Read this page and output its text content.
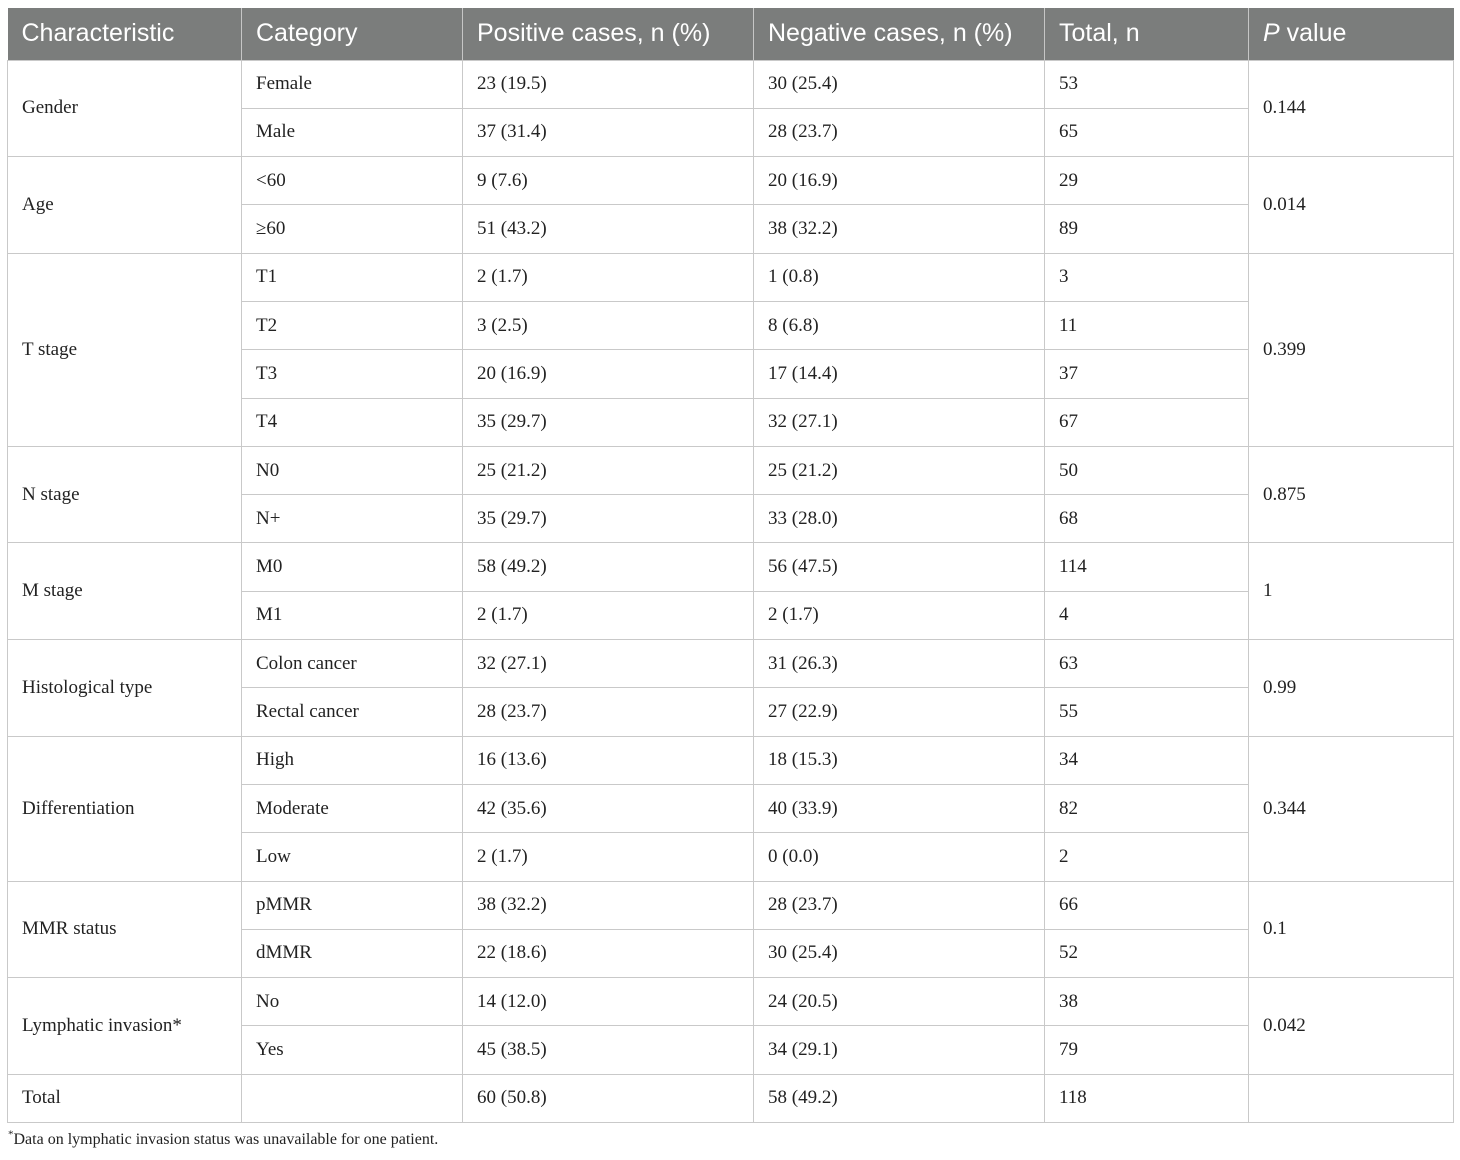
Characteristic	Category	Positive cases, n (%)	Negative cases, n (%)	Total, n	P value
Gender	Female	23 (19.5)	30 (25.4)	53	0.144
	Male	37 (31.4)	28 (23.7)	65	
Age	<60	9 (7.6)	20 (16.9)	29	0.014
	≥60	51 (43.2)	38 (32.2)	89	
T stage	T1	2 (1.7)	1 (0.8)	3	0.399
	T2	3 (2.5)	8 (6.8)	11	
	T3	20 (16.9)	17 (14.4)	37	
	T4	35 (29.7)	32 (27.1)	67	
N stage	N0	25 (21.2)	25 (21.2)	50	0.875
	N+	35 (29.7)	33 (28.0)	68	
M stage	M0	58 (49.2)	56 (47.5)	114	1
	M1	2 (1.7)	2 (1.7)	4	
Histological type	Colon cancer	32 (27.1)	31 (26.3)	63	0.99
	Rectal cancer	28 (23.7)	27 (22.9)	55	
Differentiation	High	16 (13.6)	18 (15.3)	34	0.344
	Moderate	42 (35.6)	40 (33.9)	82	
	Low	2 (1.7)	0 (0.0)	2	
MMR status	pMMR	38 (32.2)	28 (23.7)	66	0.1
	dMMR	22 (18.6)	30 (25.4)	52	
Lymphatic invasion*	No	14 (12.0)	24 (20.5)	38	0.042
	Yes	45 (38.5)	34 (29.1)	79	
Total		60 (50.8)	58 (49.2)	118	
*Data on lymphatic invasion status was unavailable for one patient.
